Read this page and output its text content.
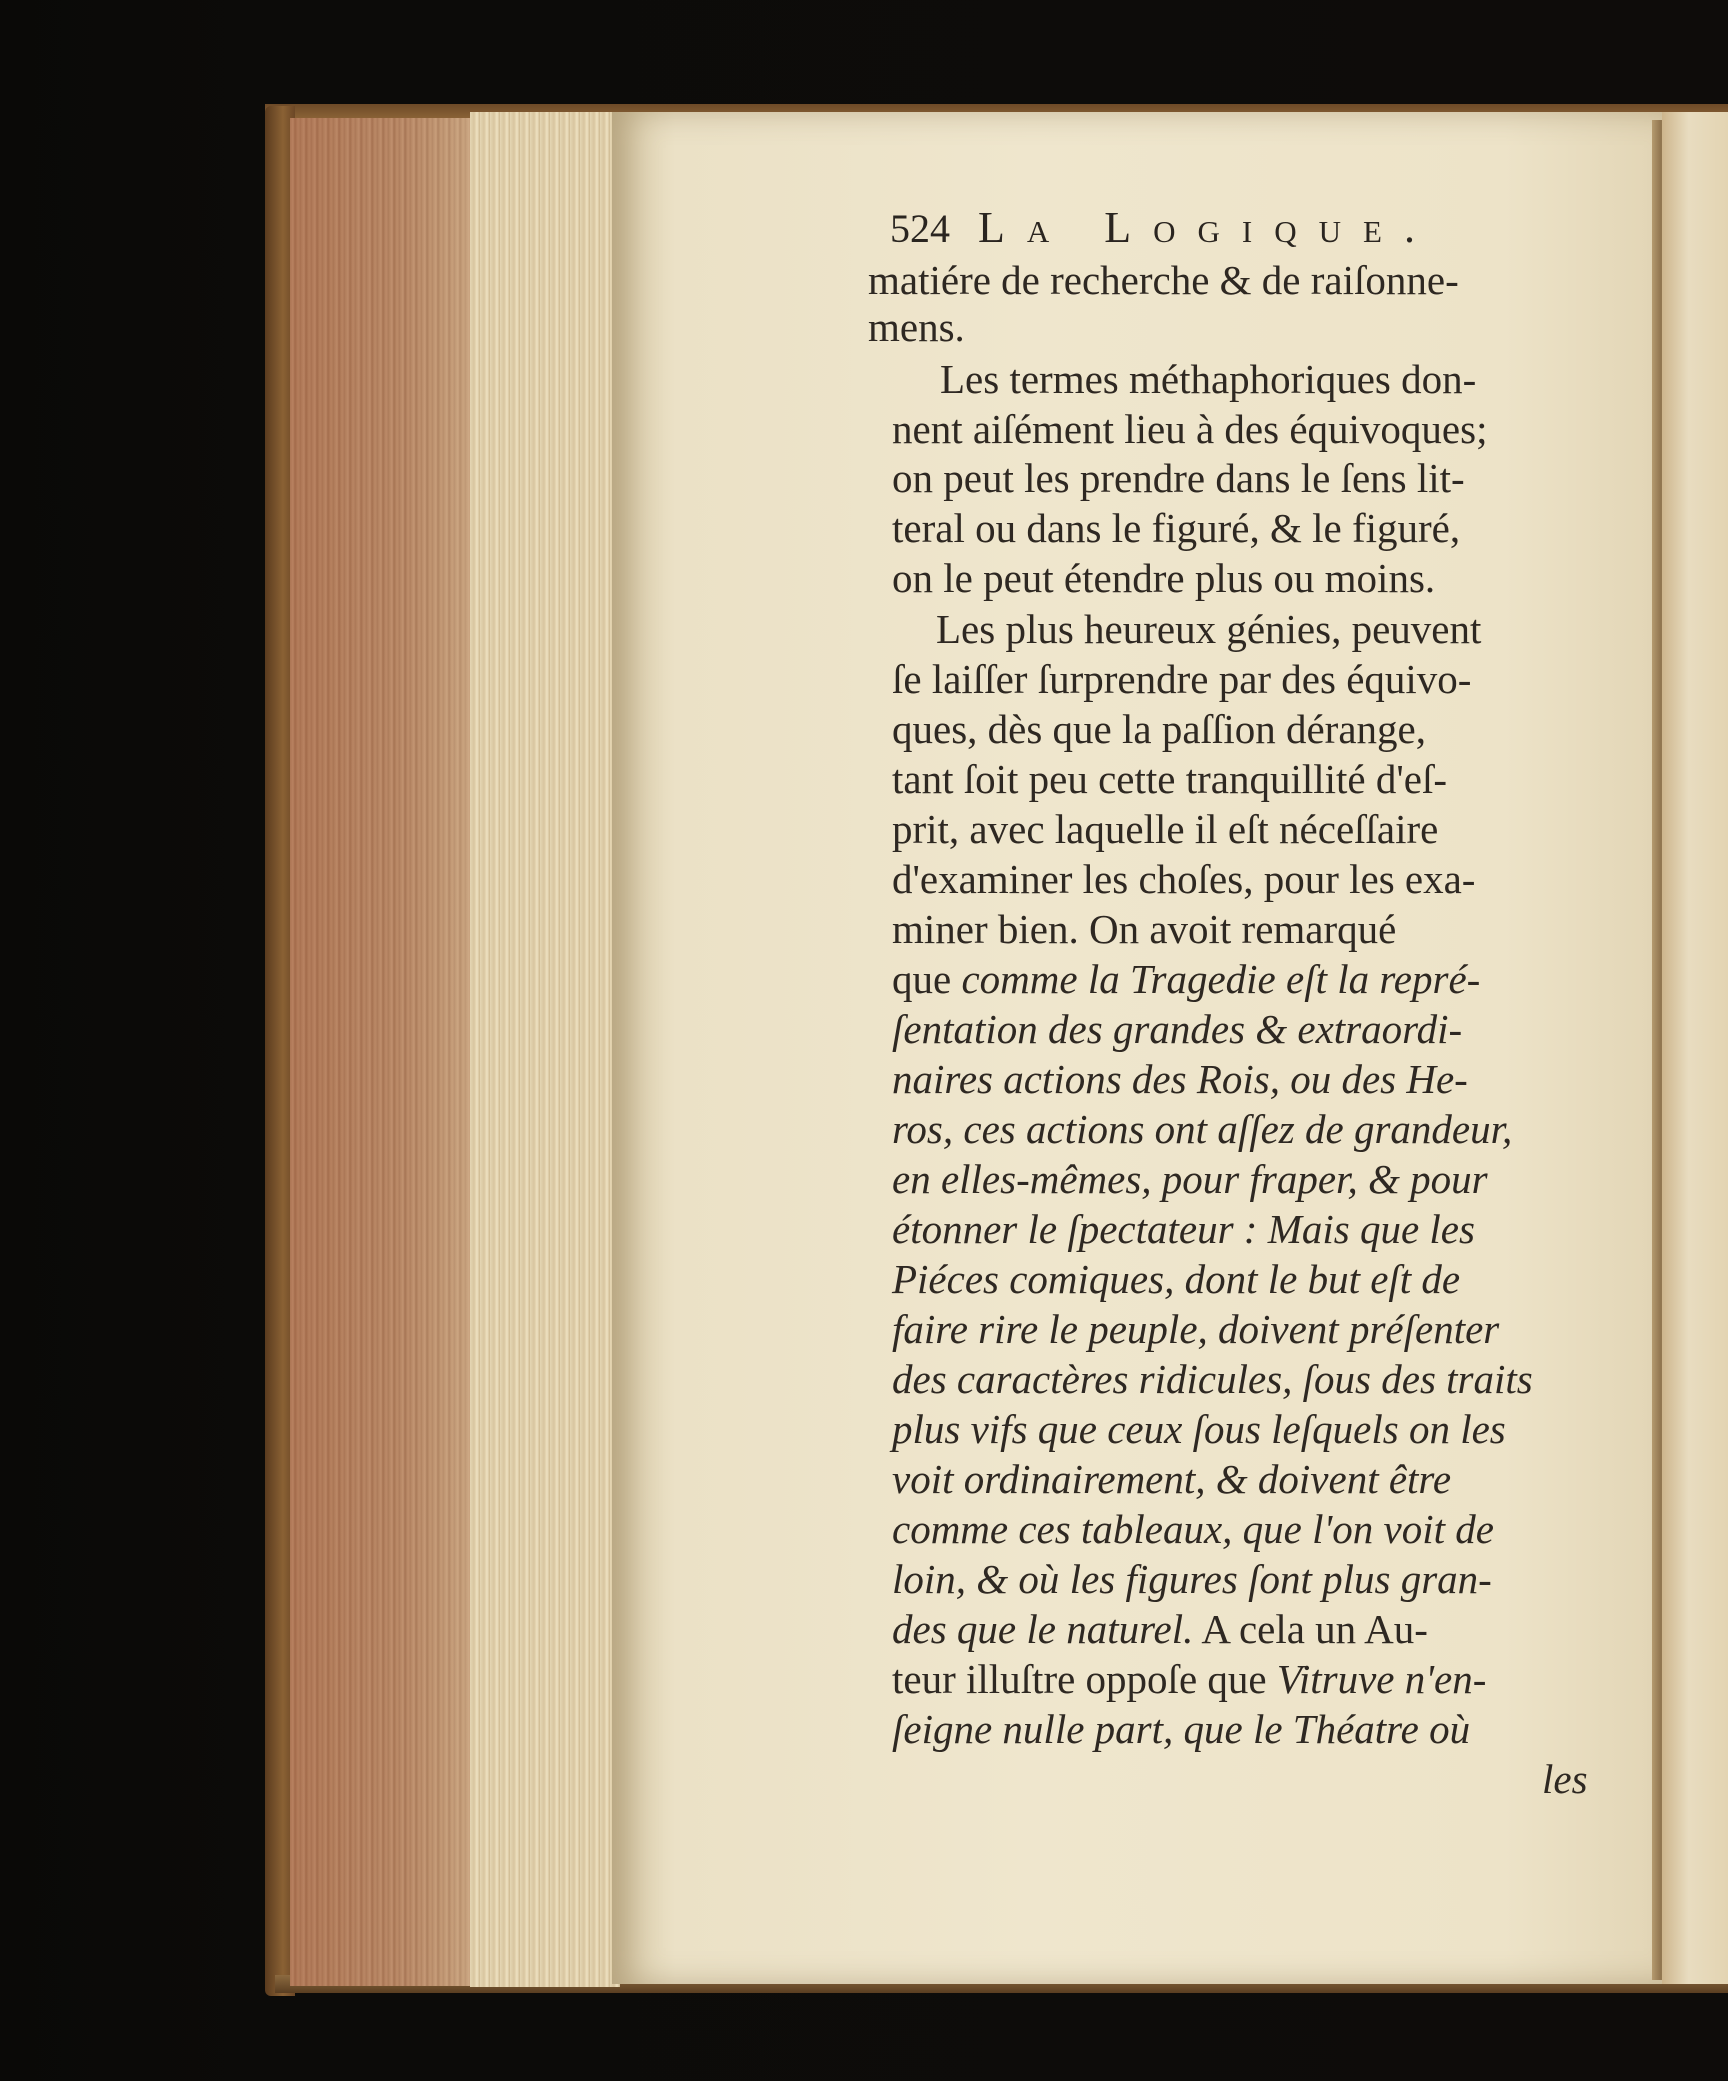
524 La Logique.
matiére de recherche & de raiſonne-
mens.
Les termes méthaphoriques don-
nent aiſément lieu à des équivoques;
on peut les prendre dans le ſens lit-
teral ou dans le figuré, & le figuré,
on le peut étendre plus ou moins.
Les plus heureux génies, peuvent
ſe laiſſer ſurprendre par des équivo-
ques, dès que la paſſion dérange,
tant ſoit peu cette tranquillité d'eſ-
prit, avec laquelle il eſt néceſſaire
d'examiner les choſes, pour les exa-
miner bien. On avoit remarqué
que comme la Tragedie eſt la repré-
ſentation des grandes & extraordi-
naires actions des Rois, ou des He-
ros, ces actions ont aſſez de grandeur,
en elles-mêmes, pour fraper, & pour
étonner le ſpectateur : Mais que les
Piéces comiques, dont le but eſt de
faire rire le peuple, doivent préſenter
des caractères ridicules, ſous des traits
plus vifs que ceux ſous leſquels on les
voit ordinairement, & doivent être
comme ces tableaux, que l'on voit de
loin, & où les figures ſont plus gran-
des que le naturel. A cela un Au-
teur illuſtre oppoſe que Vitruve n'en-
ſeigne nulle part, que le Théatre où
les
